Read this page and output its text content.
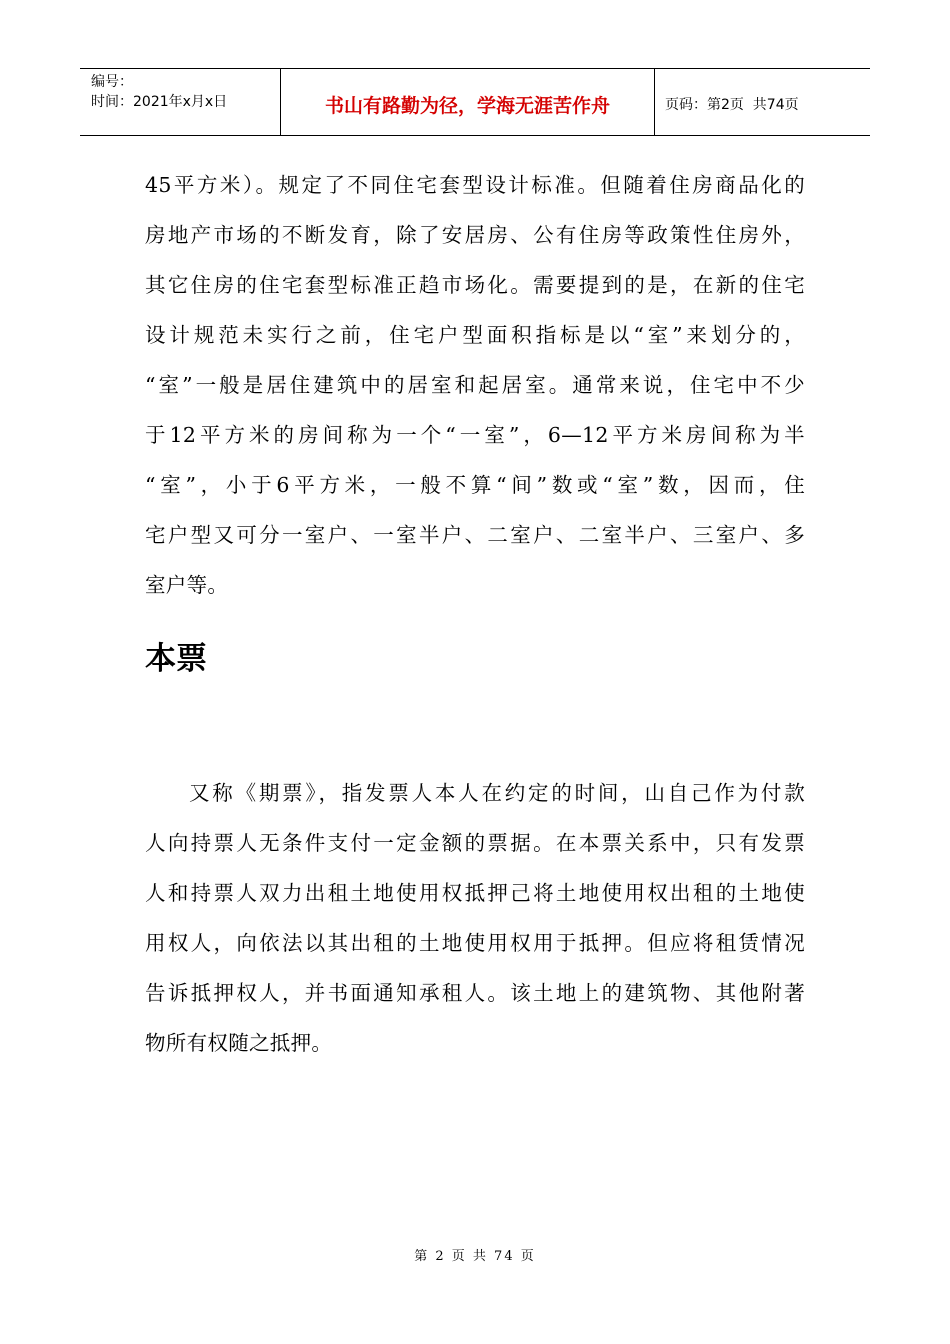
编号：
时间：2021年x月x日	书山有路勤为径，学海无涯苦作舟	页码：第2页  共74页
45平方米）。规定了不同住宅套型设计标准。但随着住房商品化的
房地产市场的不断发育，除了安居房、公有住房等政策性住房外，
其它住房的住宅套型标准正趋市场化。需要提到的是，在新的住宅
设计规范未实行之前，住宅户型面积指标是以“室”来划分的，
“室”一般是居住建筑中的居室和起居室。通常来说，住宅中不少
于12平方米的房间称为一个“一室”，6—12平方米房间称为半
“室”，小于6平方米，一般不算“间”数或“室”数，因而，住
宅户型又可分一室户、一室半户、二室户、二室半户、三室户、多
室户等。
本票
又称《期票》，指发票人本人在约定的时间，山自己作为付款
人向持票人无条件支付一定金额的票据。在本票关系中，只有发票
人和持票人双力出租土地使用权抵押己将土地使用权出租的土地使
用权人，向依法以其出租的土地使用权用于抵押。但应将租赁情况
告诉抵押权人，并书面通知承租人。该土地上的建筑物、其他附著
物所有权随之抵押。
第 2 页 共 74 页
